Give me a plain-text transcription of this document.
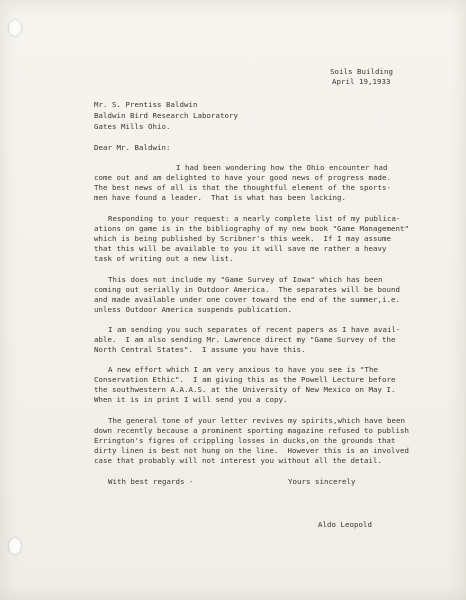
Soils Building
April 19,1933
Mr. S. Prentiss Baldwin
Baldwin Bird Research Laboratory
Gates Mills Ohio.
Dear Mr. Baldwin:
I had been wondering how the Ohio encounter had
come out and am delighted to have your good news of progress made.
The best news of all is that the thoughtful element of the sports-
men have found a leader.  That is what has been lacking.
Responding to your request: a nearly complete list of my publica-
ations on game is in the bibliography of my new book "Game Management"
which is being published by Scribner's this week.  If I may assume
that this will be available to you it will save me rather a heavy
task of writing out a new list.
This does not include my "Game Survey of Iowa" which has been
coming out serially in Outdoor America.  The separates will be bound
and made available under one cover toward the end of the summer,i.e.
unless Outdoor America suspends publication.
I am sending you such separates of recent papers as I have avail-
able.  I am also sending Mr. Lawrence direct my "Game Survey of the
North Central States".  I assume you have this.
A new effort which I am very anxious to have you see is "The
Conservation Ethic".  I am giving this as the Powell Lecture before
the southwestern A.A.A.S. at the University of New Mexico on May I.
When it is in print I will send you a copy.
The general tone of your letter revives my spirits,which have been
down recently because a prominent sporting magazine refused to publish
Errington's figres of crippling losses in ducks,on the grounds that
dirty linen is best not hung on the line.  However this is an involved
case that probably will not interest you without all the detail.
With best regards -	Yours sincerely
Aldo Leopold
